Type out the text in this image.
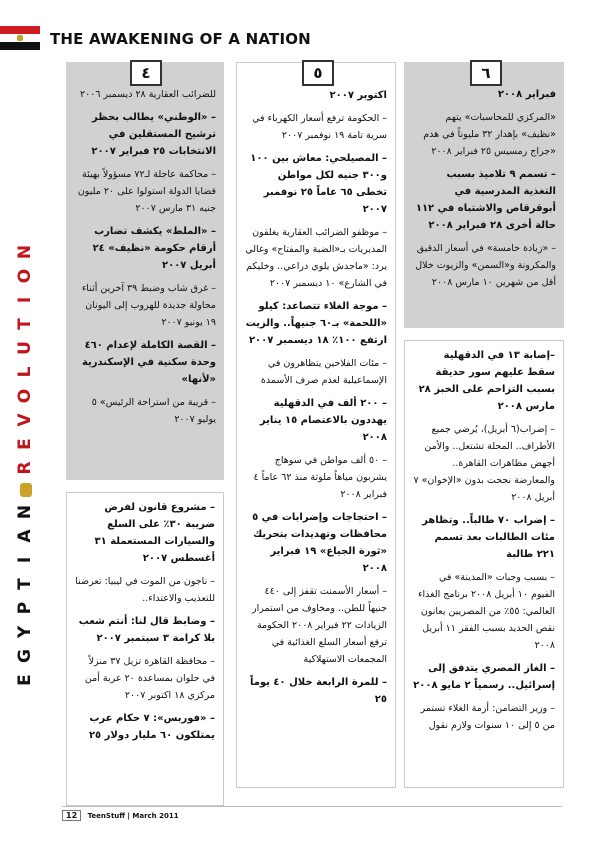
THE AWAKENING OF A NATION
N
O
I
T
U
L
O
V
E
R
N
A
I
T
P
Y
G
E
٦

فبراير ٢٠٠٨

«المركزي للمحاسبات» يتهم «نظيف» بإهدار ٣٢ مليوناً في هدم «جراج رمسيس ٢٥ فبراير ٢٠٠٨

– تسمم ٩ تلاميذ بسبب التغذية المدرسية في أبوقرقاص والاشتباه في ١١٢ حالة أخرى ٢٨ فبراير ٢٠٠٨

– «زيادة خامسة» في أسعار الدقيق والمكرونة و«السمن» والزيوت خلال أقل من شهرين ١٠ مارس ٢٠٠٨

–إصابة ١٣ في الدقهلية سقط عليهم سور حديقة بسبب التزاحم على الخبز ٢٨ مارس ٢٠٠٨

– إضراب(٦ أبريل)، يُرضي جميع الأطراف.. المحلة تشتعل.. والأمن أجهض مظاهرات القاهرة.. والمعارضة نجحت بدون «الإخوان» ٧ أبريل ٢٠٠٨

– إضراب ٧٠ طالباً.. وتظاهر مئات الطالبات بعد تسمم ٢٢١ طالبة

– بسبب وجبات «المدينة» في الفيوم ١٠ أبريل ٢٠٠٨ برنامج الغذاء العالمي: ٥٥٪ من المصريين يعانون نقص الحديد بسبب الفقر ١١ أبريل ٢٠٠٨

– الغاز المصري يتدفق إلى إسرائيل.. رسمياً ٢ مايو ٢٠٠٨

– وزير التضامن: أزمة الغلاء تستمر من ٥ إلى ١٠ سنوات ولازم نقول

٥

اكتوبر ٢٠٠٧

– الحكومة ترفع أسعار الكهرباء في سرية تامة ١٩ نوفمبر ٢٠٠٧

– المصيلحي: معاش بين ١٠٠ و٣٠٠ جنيه لكل مواطن تخطى ٦٥ عاماً ٢٥ نوفمبر ٢٠٠٧

– موظفو الضرائب العقارية يغلقون المديريات بـ«الضبة والمفتاح» وغالي يرد: «ماحدش يلوي دراعي.. وخليكم في الشارع» ١٠ ديسمبر ٢٠٠٧

– موجة الغلاء تتصاعد: كيلو «اللحمة» بـ٦٠ جنيهاً.. والزيت ارتفع ١٠٠٪ ١٨ ديسمبر ٢٠٠٧

– مئات الفلاحين يتظاهرون في الإسماعيلية لعدم صرف الأسمدة

– ٢٠٠ ألف في الدقهلية يهددون بالاعتصام ١٥ يناير ٢٠٠٨

– ٥٠ ألف مواطن في سوهاج يشربون مياهاً ملوثة منذ ٦٢ عاماً ٤ فبراير ٢٠٠٨

– احتجاجات وإضرابات في ٥ محافظات وتهديدات بتحريك «ثورة الجياع» ١٩ فبراير ٢٠٠٨

– أسعار الأسمنت تقفز إلى ٤٤٠ جنيهاً للطن.. ومخاوف من استمرار الزيادات ٢٢ فبراير ٢٠٠٨ الحكومة ترفع أسعار السلع الغذائية في المجمعات الاستهلاكية

– للمرة الرابعة خلال ٤٠ يوماً ٢٥

٤

للضرائب العقارية ٢٨ ديسمبر ٢٠٠٦

– «الوطني» يطالب بحظر ترشيح المستقلين في الانتخابات ٢٥ فبراير ٢٠٠٧

– محاكمة عاجلة لـ٧٢ مسؤولاً بهيئة قضايا الدولة استولوا على ٢٠ مليون جنيه ٣١ مارس ٢٠٠٧

– «الملط» يكشف تضارب أرقام حكومة «نظيف» ٢٤ أبريل ٢٠٠٧

– غرق شاب وضبط ٣٩ آخرين أثناء محاولة جديدة للهروب إلى اليونان ١٩ يونيو ٢٠٠٧

– القصة الكاملة لإعدام ٤٦٠ وحدة سكنية في الإسكندرية «لأنها»

– قريبة من استراحة الرئيس» ٥ يوليو ٢٠٠٧

– مشروع قانون لفرض ضريبة ٣٠٪ على السلع والسيارات المستعملة ٣١ أغسطس ٢٠٠٧

– ناجون من الموت في ليبيا: تعرضنا للتعذيب والاعتداء..

– وضابط قال لنا: أنتم شعب بلا كرامة ٣ سبتمبر ٢٠٠٧

– محافظة القاهرة تزيل ٣٧ منزلاً في حلوان بمساعدة ٢٠ عربة أمن مركزي ١٨ اكتوبر ٢٠٠٧

– «فوربس»: ٧ حكام عرب يمتلكون ٦٠ مليار دولار ٢٥

12 TeenStuff | March 2011
